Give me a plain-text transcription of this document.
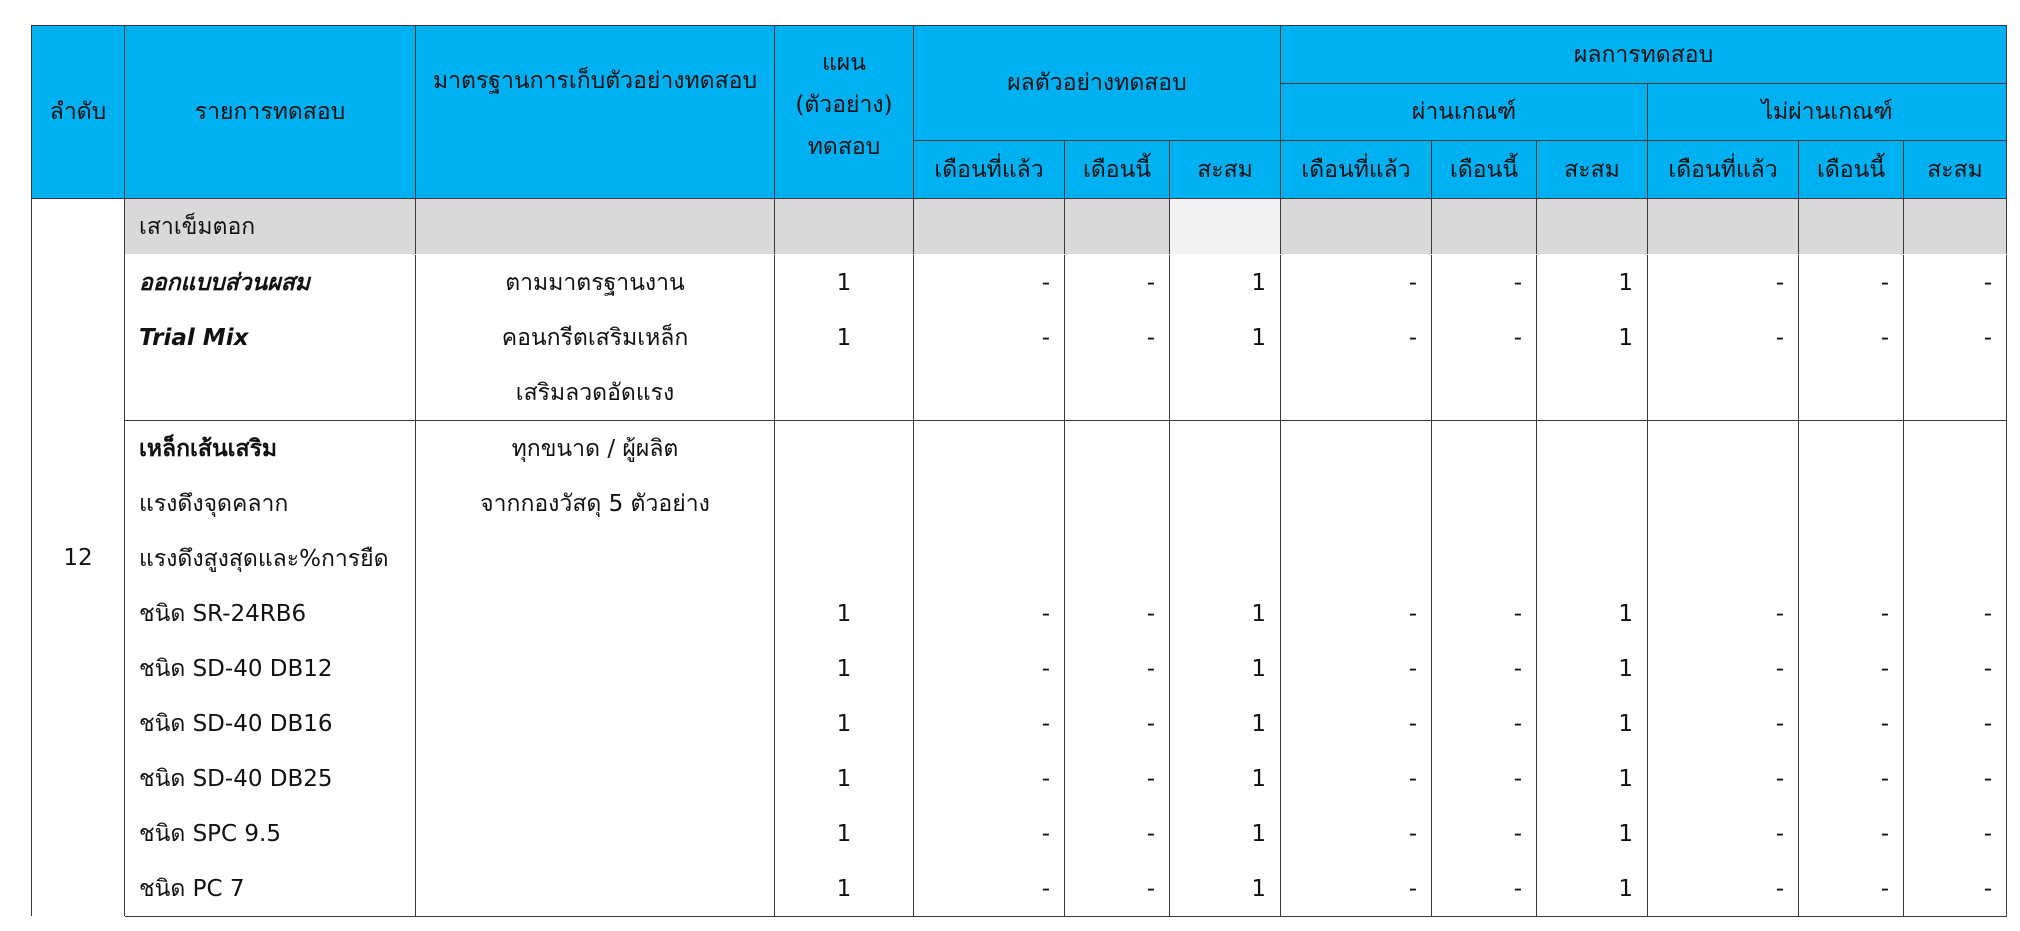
ลำดับ	รายการทดสอบ	มาตรฐานการเก็บตัวอย่างทดสอบ	แผน (ตัวอย่าง) ทดสอบ	ผลตัวอย่างทดสอบ			ผลการทดสอบ					
							ผ่านเกณฑ์			ไม่ผ่านเกณฑ์		
				เดือนที่แล้ว	เดือนนี้	สะสม	เดือนที่แล้ว	เดือนนี้	สะสม	เดือนที่แล้ว	เดือนนี้	สะสม
12	เสาเข็มตอก											
	ออกแบบส่วนผสม	ตามมาตรฐานงาน	1	-	-	1	-	-	1	-	-	-
	Trial Mix	คอนกรีตเสริมเหล็ก	1	-	-	1	-	-	1	-	-	-
		เสริมลวดอัดแรง										
	เหล็กเส้นเสริม	ทุกขนาด / ผู้ผลิต										
	แรงดึงจุดคลาก	จากกองวัสดุ 5 ตัวอย่าง										
	แรงดึงสูงสุดและ%การยืด											
	ชนิด SR-24RB6		1	-	-	1	-	-	1	-	-	-
	ชนิด SD-40 DB12		1	-	-	1	-	-	1	-	-	-
	ชนิด SD-40 DB16		1	-	-	1	-	-	1	-	-	-
	ชนิด SD-40 DB25		1	-	-	1	-	-	1	-	-	-
	ชนิด SPC 9.5		1	-	-	1	-	-	1	-	-	-
	ชนิด PC 7		1	-	-	1	-	-	1	-	-	-
